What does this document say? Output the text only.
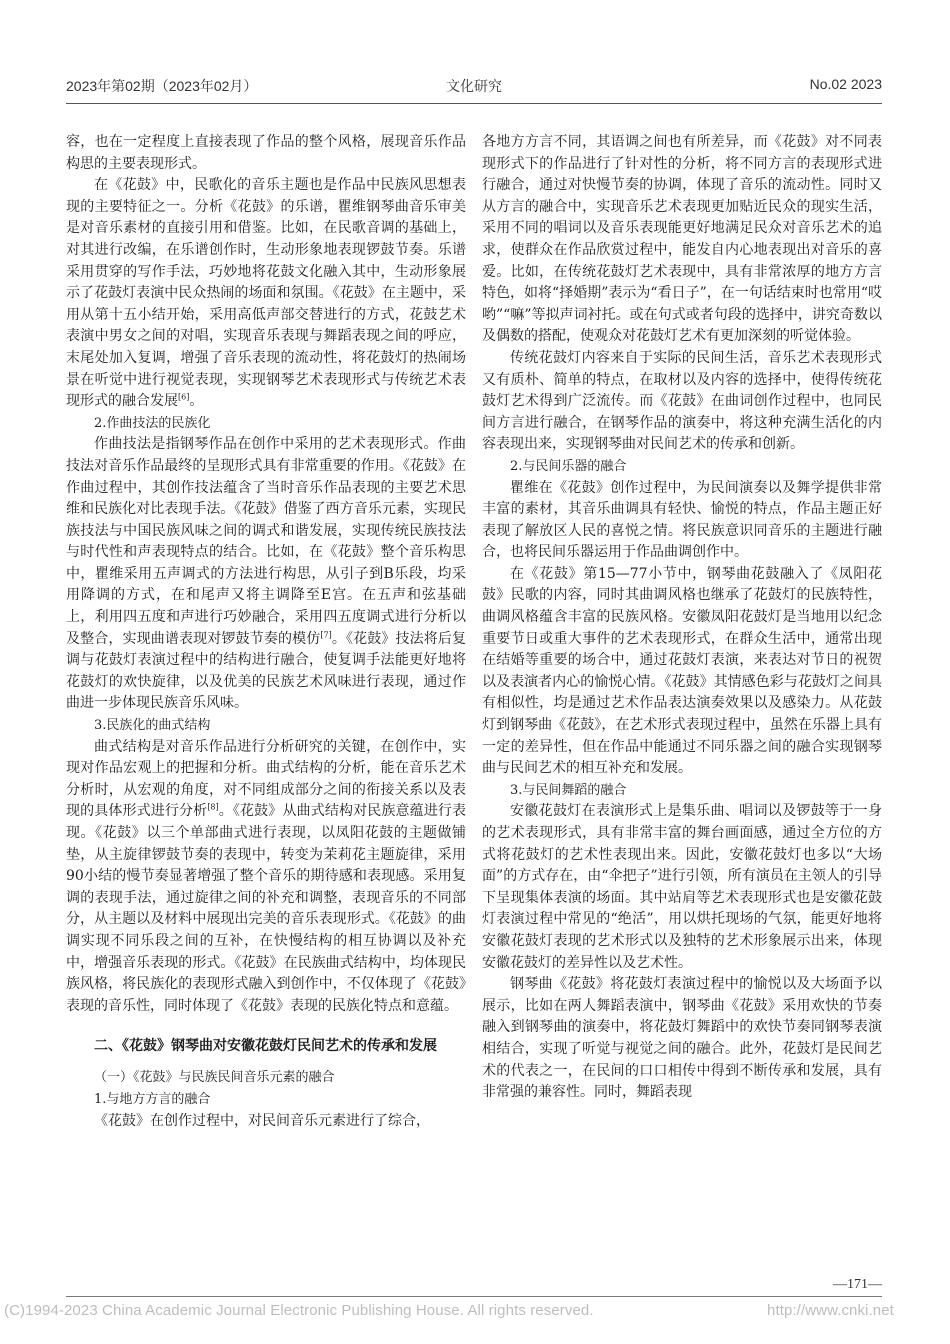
2023年第02期（2023年02月）	文化研究	No.02 2023

容，也在一定程度上直接表现了作品的整个风格，展现音乐作品构思的主要表现形式。

在《花鼓》中，民歌化的音乐主题也是作品中民族风思想表现的主要特征之一。分析《花鼓》的乐谱，瞿维钢琴曲音乐审美是对音乐素材的直接引用和借鉴。比如，在民歌音调的基础上，对其进行改编，在乐谱创作时，生动形象地表现锣鼓节奏。乐谱采用贯穿的写作手法，巧妙地将花鼓文化融入其中，生动形象展示了花鼓灯表演中民众热闹的场面和氛围。《花鼓》在主题中，采用从第十五小结开始，采用高低声部交替进行的方式，花鼓艺术表演中男女之间的对唱，实现音乐表现与舞蹈表现之间的呼应，末尾处加入复调，增强了音乐表现的流动性，将花鼓灯的热闹场景在听觉中进行视觉表现，实现钢琴艺术表现形式与传统艺术表现形式的融合发展[6]。

2.作曲技法的民族化

作曲技法是指钢琴作品在创作中采用的艺术表现形式。作曲技法对音乐作品最终的呈现形式具有非常重要的作用。《花鼓》在作曲过程中，其创作技法蕴含了当时音乐作品表现的主要艺术思维和民族化对比表现手法。《花鼓》借鉴了西方音乐元素，实现民族技法与中国民族风味之间的调式和谐发展，实现传统民族技法与时代性和声表现特点的结合。比如，在《花鼓》整个音乐构思中，瞿维采用五声调式的方法进行构思，从引子到B乐段，均采用降调的方式，在和尾声又将主调降至E宫。在五声和弦基础上，利用四五度和声进行巧妙融合，采用四五度调式进行分析以及整合，实现曲谱表现对锣鼓节奏的模仿[7]。《花鼓》技法将后复调与花鼓灯表演过程中的结构进行融合，使复调手法能更好地将花鼓灯的欢快旋律，以及优美的民族艺术风味进行表现，通过作曲进一步体现民族音乐风味。

3.民族化的曲式结构

曲式结构是对音乐作品进行分析研究的关键，在创作中，实现对作品宏观上的把握和分析。曲式结构的分析，能在音乐艺术分析时，从宏观的角度，对不同组成部分之间的衔接关系以及表现的具体形式进行分析[8]。《花鼓》从曲式结构对民族意蕴进行表现。《花鼓》以三个单部曲式进行表现，以凤阳花鼓的主题做铺垫，从主旋律锣鼓节奏的表现中，转变为茉莉花主题旋律，采用90小结的慢节奏显著增强了整个音乐的期待感和表现感。采用复调的表现手法，通过旋律之间的补充和调整，表现音乐的不同部分，从主题以及材料中展现出完美的音乐表现形式。《花鼓》的曲调实现不同乐段之间的互补，在快慢结构的相互协调以及补充中，增强音乐表现的形式。《花鼓》在民族曲式结构中，均体现民族风格，将民族化的表现形式融入到创作中，不仅体现了《花鼓》表现的音乐性，同时体现了《花鼓》表现的民族化特点和意蕴。

二、《花鼓》钢琴曲对安徽花鼓灯民间艺术的传承和发展

（一）《花鼓》与民族民间音乐元素的融合

1.与地方方言的融合

《花鼓》在创作过程中，对民间音乐元素进行了综合，

各地方方言不同，其语调之间也有所差异，而《花鼓》对不同表现形式下的作品进行了针对性的分析，将不同方言的表现形式进行融合，通过对快慢节奏的协调，体现了音乐的流动性。同时又从方言的融合中，实现音乐艺术表现更加贴近民众的现实生活，采用不同的唱词以及音乐表现能更好地满足民众对音乐艺术的追求，使群众在作品欣赏过程中，能发自内心地表现出对音乐的喜爱。比如，在传统花鼓灯艺术表现中，具有非常浓厚的地方方言特色，如将“择婚期”表示为“看日子”，在一句话结束时也常用“哎哟”“嘛”等拟声词衬托。或在句式或者句段的选择中，讲究奇数以及偶数的搭配，使观众对花鼓灯艺术有更加深刻的听觉体验。

传统花鼓灯内容来自于实际的民间生活，音乐艺术表现形式又有质朴、简单的特点，在取材以及内容的选择中，使得传统花鼓灯艺术得到广泛流传。而《花鼓》在曲词创作过程中，也同民间方言进行融合，在钢琴作品的演奏中，将这种充满生活化的内容表现出来，实现钢琴曲对民间艺术的传承和创新。

2.与民间乐器的融合

瞿维在《花鼓》创作过程中，为民间演奏以及舞学提供非常丰富的素材，其音乐曲调具有轻快、愉悦的特点，作品主题正好表现了解放区人民的喜悦之情。将民族意识同音乐的主题进行融合，也将民间乐器运用于作品曲调创作中。

在《花鼓》第15—77小节中，钢琴曲花鼓融入了《凤阳花鼓》民歌的内容，同时其曲调风格也继承了花鼓灯的民族特性，曲调风格蕴含丰富的民族风格。安徽凤阳花鼓灯是当地用以纪念重要节日或重大事件的艺术表现形式，在群众生活中，通常出现在结婚等重要的场合中，通过花鼓灯表演，来表达对节日的祝贺以及表演者内心的愉悦心情。《花鼓》其情感色彩与花鼓灯之间具有相似性，均是通过艺术作品表达演奏效果以及感染力。从花鼓灯到钢琴曲《花鼓》，在艺术形式表现过程中，虽然在乐器上具有一定的差异性，但在作品中能通过不同乐器之间的融合实现钢琴曲与民间艺术的相互补充和发展。

3.与民间舞蹈的融合

安徽花鼓灯在表演形式上是集乐曲、唱词以及锣鼓等于一身的艺术表现形式，具有非常丰富的舞台画面感，通过全方位的方式将花鼓灯的艺术性表现出来。因此，安徽花鼓灯也多以“大场面”的方式存在，由“伞把子”进行引领，所有演员在主领人的引导下呈现集体表演的场面。其中站肩等艺术表现形式也是安徽花鼓灯表演过程中常见的“绝活”，用以烘托现场的气氛，能更好地将安徽花鼓灯表现的艺术形式以及独特的艺术形象展示出来，体现安徽花鼓灯的差异性以及艺术性。

钢琴曲《花鼓》将花鼓灯表演过程中的愉悦以及大场面予以展示，比如在两人舞蹈表演中，钢琴曲《花鼓》采用欢快的节奏融入到钢琴曲的演奏中，将花鼓灯舞蹈中的欢快节奏同钢琴表演相结合，实现了听觉与视觉之间的融合。此外，花鼓灯是民间艺术的代表之一，在民间的口口相传中得到不断传承和发展，具有非常强的兼容性。同时，舞蹈表现

—171—
(C)1994-2023 China Academic Journal Electronic Publishing House. All rights reserved.	http://www.cnki.net
